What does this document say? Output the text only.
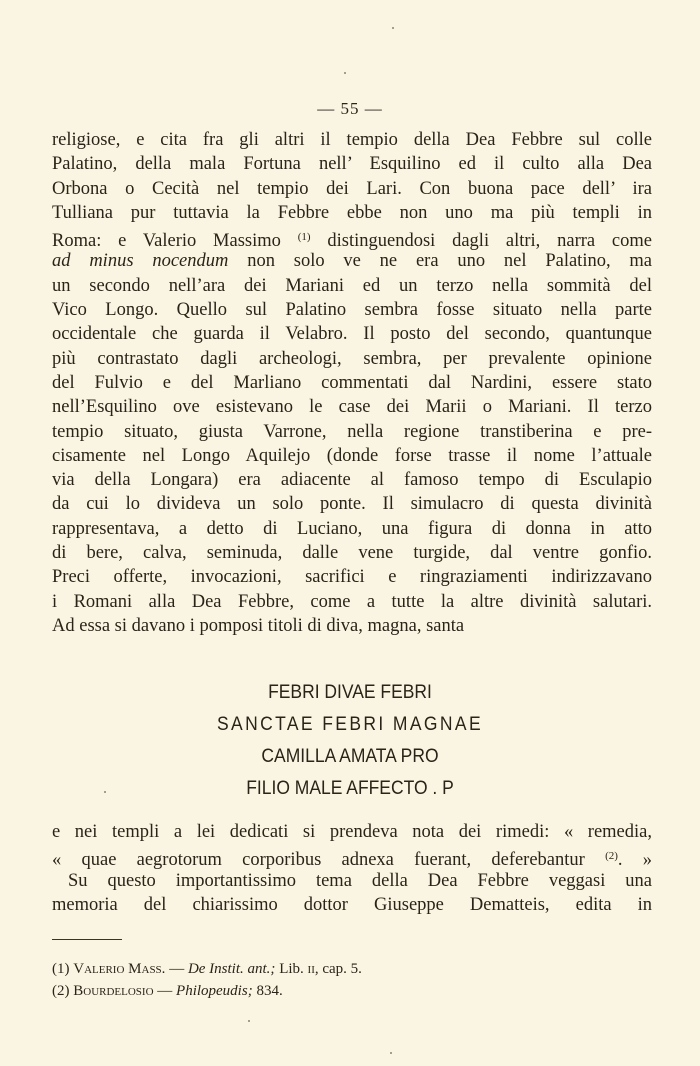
— 55 —
religiose, e cita fra gli altri il tempio della Dea Febbre sul colle
Palatino, della mala Fortuna nell’ Esquilino ed il culto alla Dea
Orbona o Cecità nel tempio dei Lari. Con buona pace dell’ ira
Tulliana pur tuttavia la Febbre ebbe non uno ma più templi in
Roma: e Valerio Massimo $^{(1)}$ distinguendosi dagli altri, narra come
ad minus nocendum non solo ve ne era uno nel Palatino, ma
un secondo nell’ara dei Mariani ed un terzo nella sommità del
Vico Longo. Quello sul Palatino sembra fosse situato nella parte
occidentale che guarda il Velabro. Il posto del secondo, quantunque
più contrastato dagli archeologi, sembra, per prevalente opinione
del Fulvio e del Marliano commentati dal Nardini, essere stato
nell’Esquilino ove esistevano le case dei Marii o Mariani. Il terzo
tempio situato, giusta Varrone, nella regione transtiberina e pre-
cisamente nel Longo Aquilejo (donde forse trasse il nome l’attuale
via della Longara) era adiacente al famoso tempo di Esculapio
da cui lo divideva un solo ponte. Il simulacro di questa divinità
rappresentava, a detto di Luciano, una figura di donna in atto
di bere, calva, seminuda, dalle vene turgide, dal ventre gonfio.
Preci offerte, invocazioni, sacrifici e ringraziamenti indirizzavano
i Romani alla Dea Febbre, come a tutte la altre divinità salutari.
Ad essa si davano i pomposi titoli di diva, magna, santa
FEBRI DIVAE FEBRI
SANCTAE FEBRI MAGNAE
CAMILLA AMATA PRO
FILIO MALE AFFECTO . P
e nei templi a lei dedicati si prendeva nota dei rimedi: « remedia,
« quae aegrotorum corporibus adnexa fuerant, deferebantur $^{(2)}$. »
Su questo importantissimo tema della Dea Febbre veggasi una
memoria del chiarissimo dottor Giuseppe Dematteis, edita in
(1) Valerio Mass. — De Instit. ant.; Lib. ii, cap. 5.
(2) Bourdelosio — Philopeudis; 834.
